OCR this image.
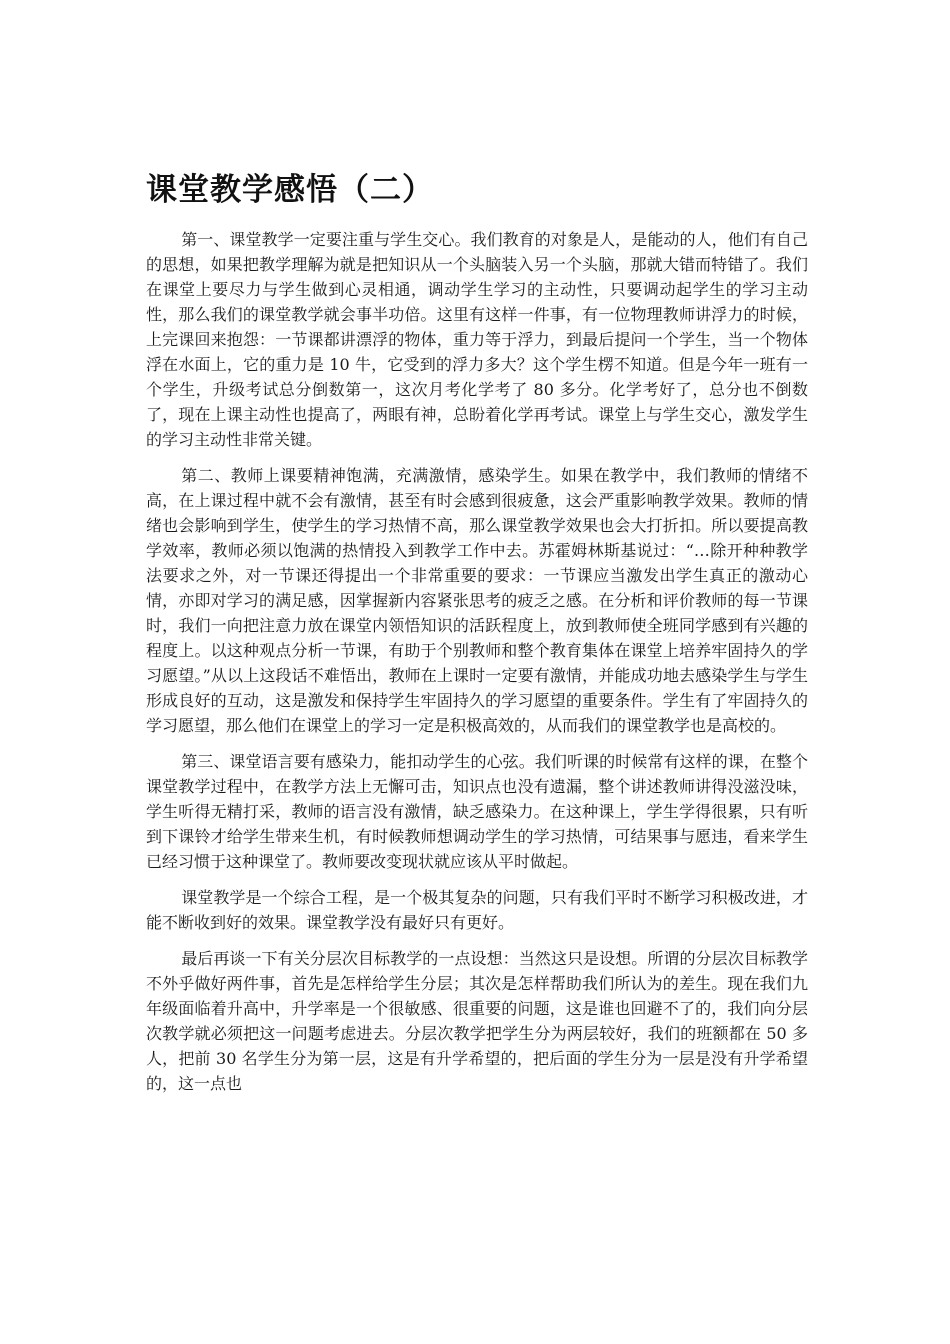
课堂教学感悟（二）

第一、课堂教学一定要注重与学生交心。我们教育的对象是人，是能动的人，他们有自己的思想，如果把教学理解为就是把知识从一个头脑装入另一个头脑，那就大错而特错了。我们在课堂上要尽力与学生做到心灵相通，调动学生学习的主动性，只要调动起学生的学习主动性，那么我们的课堂教学就会事半功倍。这里有这样一件事，有一位物理教师讲浮力的时候，上完课回来抱怨：一节课都讲漂浮的物体，重力等于浮力，到最后提问一个学生，当一个物体浮在水面上，它的重力是 10 牛，它受到的浮力多大？这个学生楞不知道。但是今年一班有一个学生，升级考试总分倒数第一，这次月考化学考了 80 多分。化学考好了，总分也不倒数了，现在上课主动性也提高了，两眼有神，总盼着化学再考试。课堂上与学生交心，激发学生的学习主动性非常关键。

第二、教师上课要精神饱满，充满激情，感染学生。如果在教学中，我们教师的情绪不高，在上课过程中就不会有激情，甚至有时会感到很疲惫，这会严重影响教学效果。教师的情绪也会影响到学生，使学生的学习热情不高，那么课堂教学效果也会大打折扣。所以要提高教学效率，教师必须以饱满的热情投入到教学工作中去。苏霍姆林斯基说过：“…除开种种教学法要求之外，对一节课还得提出一个非常重要的要求：一节课应当激发出学生真正的激动心情，亦即对学习的满足感，因掌握新内容紧张思考的疲乏之感。在分析和评价教师的每一节课时，我们一向把注意力放在课堂内领悟知识的活跃程度上，放到教师使全班同学感到有兴趣的程度上。以这种观点分析一节课，有助于个别教师和整个教育集体在课堂上培养牢固持久的学习愿望。”从以上这段话不难悟出，教师在上课时一定要有激情，并能成功地去感染学生与学生形成良好的互动，这是激发和保持学生牢固持久的学习愿望的重要条件。学生有了牢固持久的学习愿望，那么他们在课堂上的学习一定是积极高效的，从而我们的课堂教学也是高校的。

第三、课堂语言要有感染力，能扣动学生的心弦。我们听课的时候常有这样的课，在整个课堂教学过程中，在教学方法上无懈可击，知识点也没有遗漏，整个讲述教师讲得没滋没味，学生听得无精打采，教师的语言没有激情，缺乏感染力。在这种课上，学生学得很累，只有听到下课铃才给学生带来生机，有时候教师想调动学生的学习热情，可结果事与愿违，看来学生已经习惯于这种课堂了。教师要改变现状就应该从平时做起。

课堂教学是一个综合工程，是一个极其复杂的问题，只有我们平时不断学习积极改进，才能不断收到好的效果。课堂教学没有最好只有更好。

最后再谈一下有关分层次目标教学的一点设想：当然这只是设想。所谓的分层次目标教学不外乎做好两件事，首先是怎样给学生分层；其次是怎样帮助我们所认为的差生。现在我们九年级面临着升高中，升学率是一个很敏感、很重要的问题，这是谁也回避不了的，我们向分层次教学就必须把这一问题考虑进去。分层次教学把学生分为两层较好，我们的班额都在 50 多人，把前 30 名学生分为第一层，这是有升学希望的，把后面的学生分为一层是没有升学希望的，这一点也
